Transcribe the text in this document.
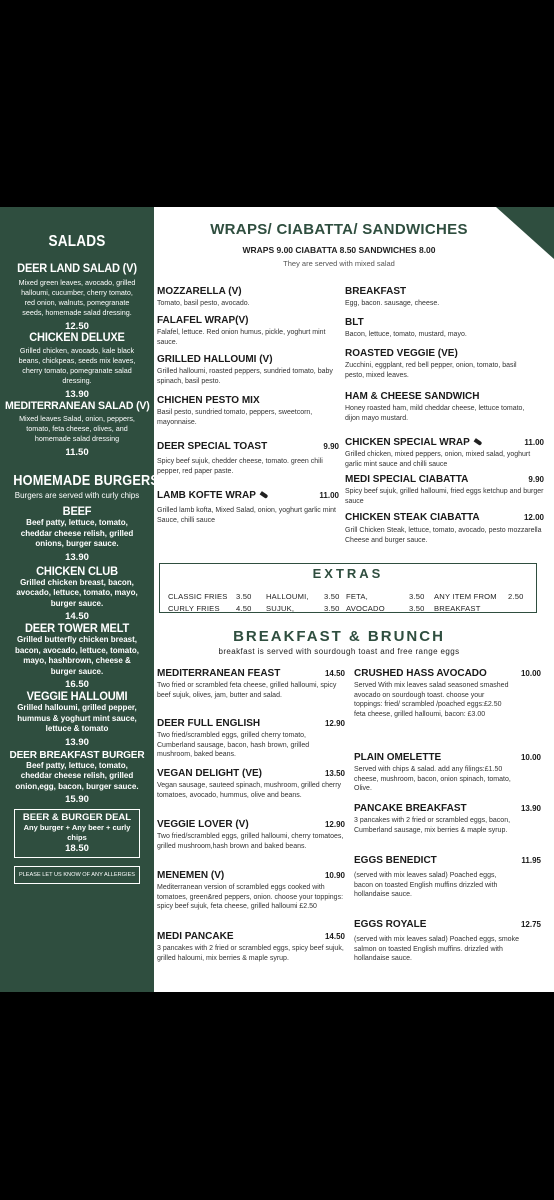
SALADS
DEER LAND SALAD (V)
Mixed green leaves, avocado, grilled halloumi, cucumber, cherry tomato, red onion, walnuts, pomegranate seeds, homemade salad dressing.
12.50
CHICKEN DELUXE
Grilled chicken, avocado, kale black beans, chickpeas, seeds mix leaves, cherry tomato, pomegranate salad dressing.
13.90
MEDITERRANEAN SALAD (V)
Mixed leaves Salad, onion, peppers, tomato, feta cheese, olives, and homemade salad dressing
11.50
HOMEMADE BURGERS
Burgers are served with curly chips
BEEF
Beef patty, lettuce, tomato, cheddar cheese relish, grilled onions, burger sauce.
13.90
CHICKEN CLUB
Grilled chicken breast, bacon, avocado, lettuce, tomato, mayo, burger sauce.
14.50
DEER TOWER MELT
Grilled butterfly chicken breast, bacon, avocado, lettuce, tomato, mayo, hashbrown, cheese & burger sauce.
16.50
VEGGIE HALLOUMI
Grilled halloumi, grilled pepper, hummus & yoghurt mint sauce, lettuce & tomato
13.90
DEER BREAKFAST BURGER
Beef patty, lettuce, tomato, cheddar cheese relish, grilled onion,egg, bacon, burger sauce.
15.90
BEER & BURGER DEAL
Any burger + Any beer + curly chips
18.50
PLEASE LET US KNOW OF ANY ALLERGIES
WRAPS/ CIABATTA/ SANDWICHES
WRAPS 9.00 CIABATTA 8.50 SANDWICHES 8.00
They are served with mixed salad
MOZZARELLA (V)
Tomato, basil pesto, avocado.
FALAFEL WRAP(V)
Falafel, lettuce. Red onion humus, pickle, yoghurt mint sauce.
GRILLED HALLOUMI (V)
Grilled halloumi, roasted peppers, sundried tomato, baby spinach, basil pesto.
CHICHEN PESTO MIX
Basil pesto, sundried tomato, peppers, sweetcorn, mayonnaise.
BREAKFAST
Egg, bacon. sausage, cheese.
BLT
Bacon, lettuce, tomato, mustard, mayo.
ROASTED VEGGIE (VE)
Zucchini, eggplant, red bell pepper, onion, tomato, basil pesto, mixed leaves.
HAM & CHEESE SANDWICH
Honey roasted ham, mild cheddar cheese, lettuce tomato, dijon mayo mustard.
DEER SPECIAL TOAST	9.90
Spicy beef sujuk, chedder cheese, tomato. green chili pepper, red paper paste.
LAMB KOFTE WRAP	11.00
Grilled lamb kofta, Mixed Salad, onion, yoghurt garlic mint Sauce, chilli sauce
CHICKEN SPECIAL WRAP	11.00
Grilled chicken, mixed peppers, onion, mixed salad, yoghurt garlic mint sauce and chilli sauce
MEDI SPECIAL CIABATTA	9.90
Spicy beef sujuk, grilled halloumi, fried eggs ketchup and burger sauce
CHICKEN STEAK CIABATTA	12.00
Grill Chicken Steak, lettuce, tomato, avocado, pesto mozzarella Cheese and burger sauce.
EXTRAS
CLASSIC FRIES 3.50 HALLOUMI, 3.50 FETA,	3.50 ANY ITEM FROM 2.50
CURLY FRIES 4.50 SUJUK,	3.50 AVOCADO	3.50 BREAKFAST
BREAKFAST & BRUNCH
breakfast is served with sourdough toast and free range eggs
MEDITERRANEAN FEAST	14.50
Two fried or scrambled feta cheese, grilled halloumi, spicy beef sujuk, olives, jam, butter and salad.
DEER FULL ENGLISH	12.90
Two fried/scrambled eggs, grilled cherry tomato, Cumberland sausage, bacon, hash brown, grilled mushroom, baked beans.
VEGAN DELIGHT (VE)	13.50
Vegan sausage, sauteed spinach, mushroom, grilled cherry tomatoes, avocado, hummus, olive and beans.
VEGGIE LOVER (V)	12.90
Two fried/scrambled eggs, grilled halloumi, cherry tomatoes, grilled mushroom,hash brown and baked beans.
MENEMEN (V)	10.90
Mediterranean version of scrambled eggs cooked with tomatoes, green&red peppers, onion. choose your toppings: spicy beef sujuk, feta cheese, grilled halloumi £2.50
MEDI PANCAKE	14.50
3 pancakes with 2 fried or scrambled eggs, spicy beef sujuk, grilled haloumi, mix berries & maple syrup.
CRUSHED HASS AVOCADO	10.00
Served With mix leaves salad seasoned smashed avocado on sourdough toast. choose your toppings: fried/ scrambled /poached eggs:£2.50 feta cheese, grilled halloumi, bacon: £3.00
PLAIN OMELETTE	10.00
Served with chips & salad. add any filings:£1.50 cheese, mushroom, bacon, onion spinach, tomato, Olive.
PANCAKE BREAKFAST	13.90
3 pancakes with 2 fried or scrambled eggs, bacon, Cumberland sausage, mix berries & maple syrup.
EGGS BENEDICT	11.95
(served with mix leaves salad) Poached eggs, bacon on toasted English muffins drizzled with hollandaise sauce.
EGGS ROYALE	12.75
(served with mix leaves salad) Poached eggs, smoke salmon on toasted English muffins. drizzled with hollandaise sauce.
